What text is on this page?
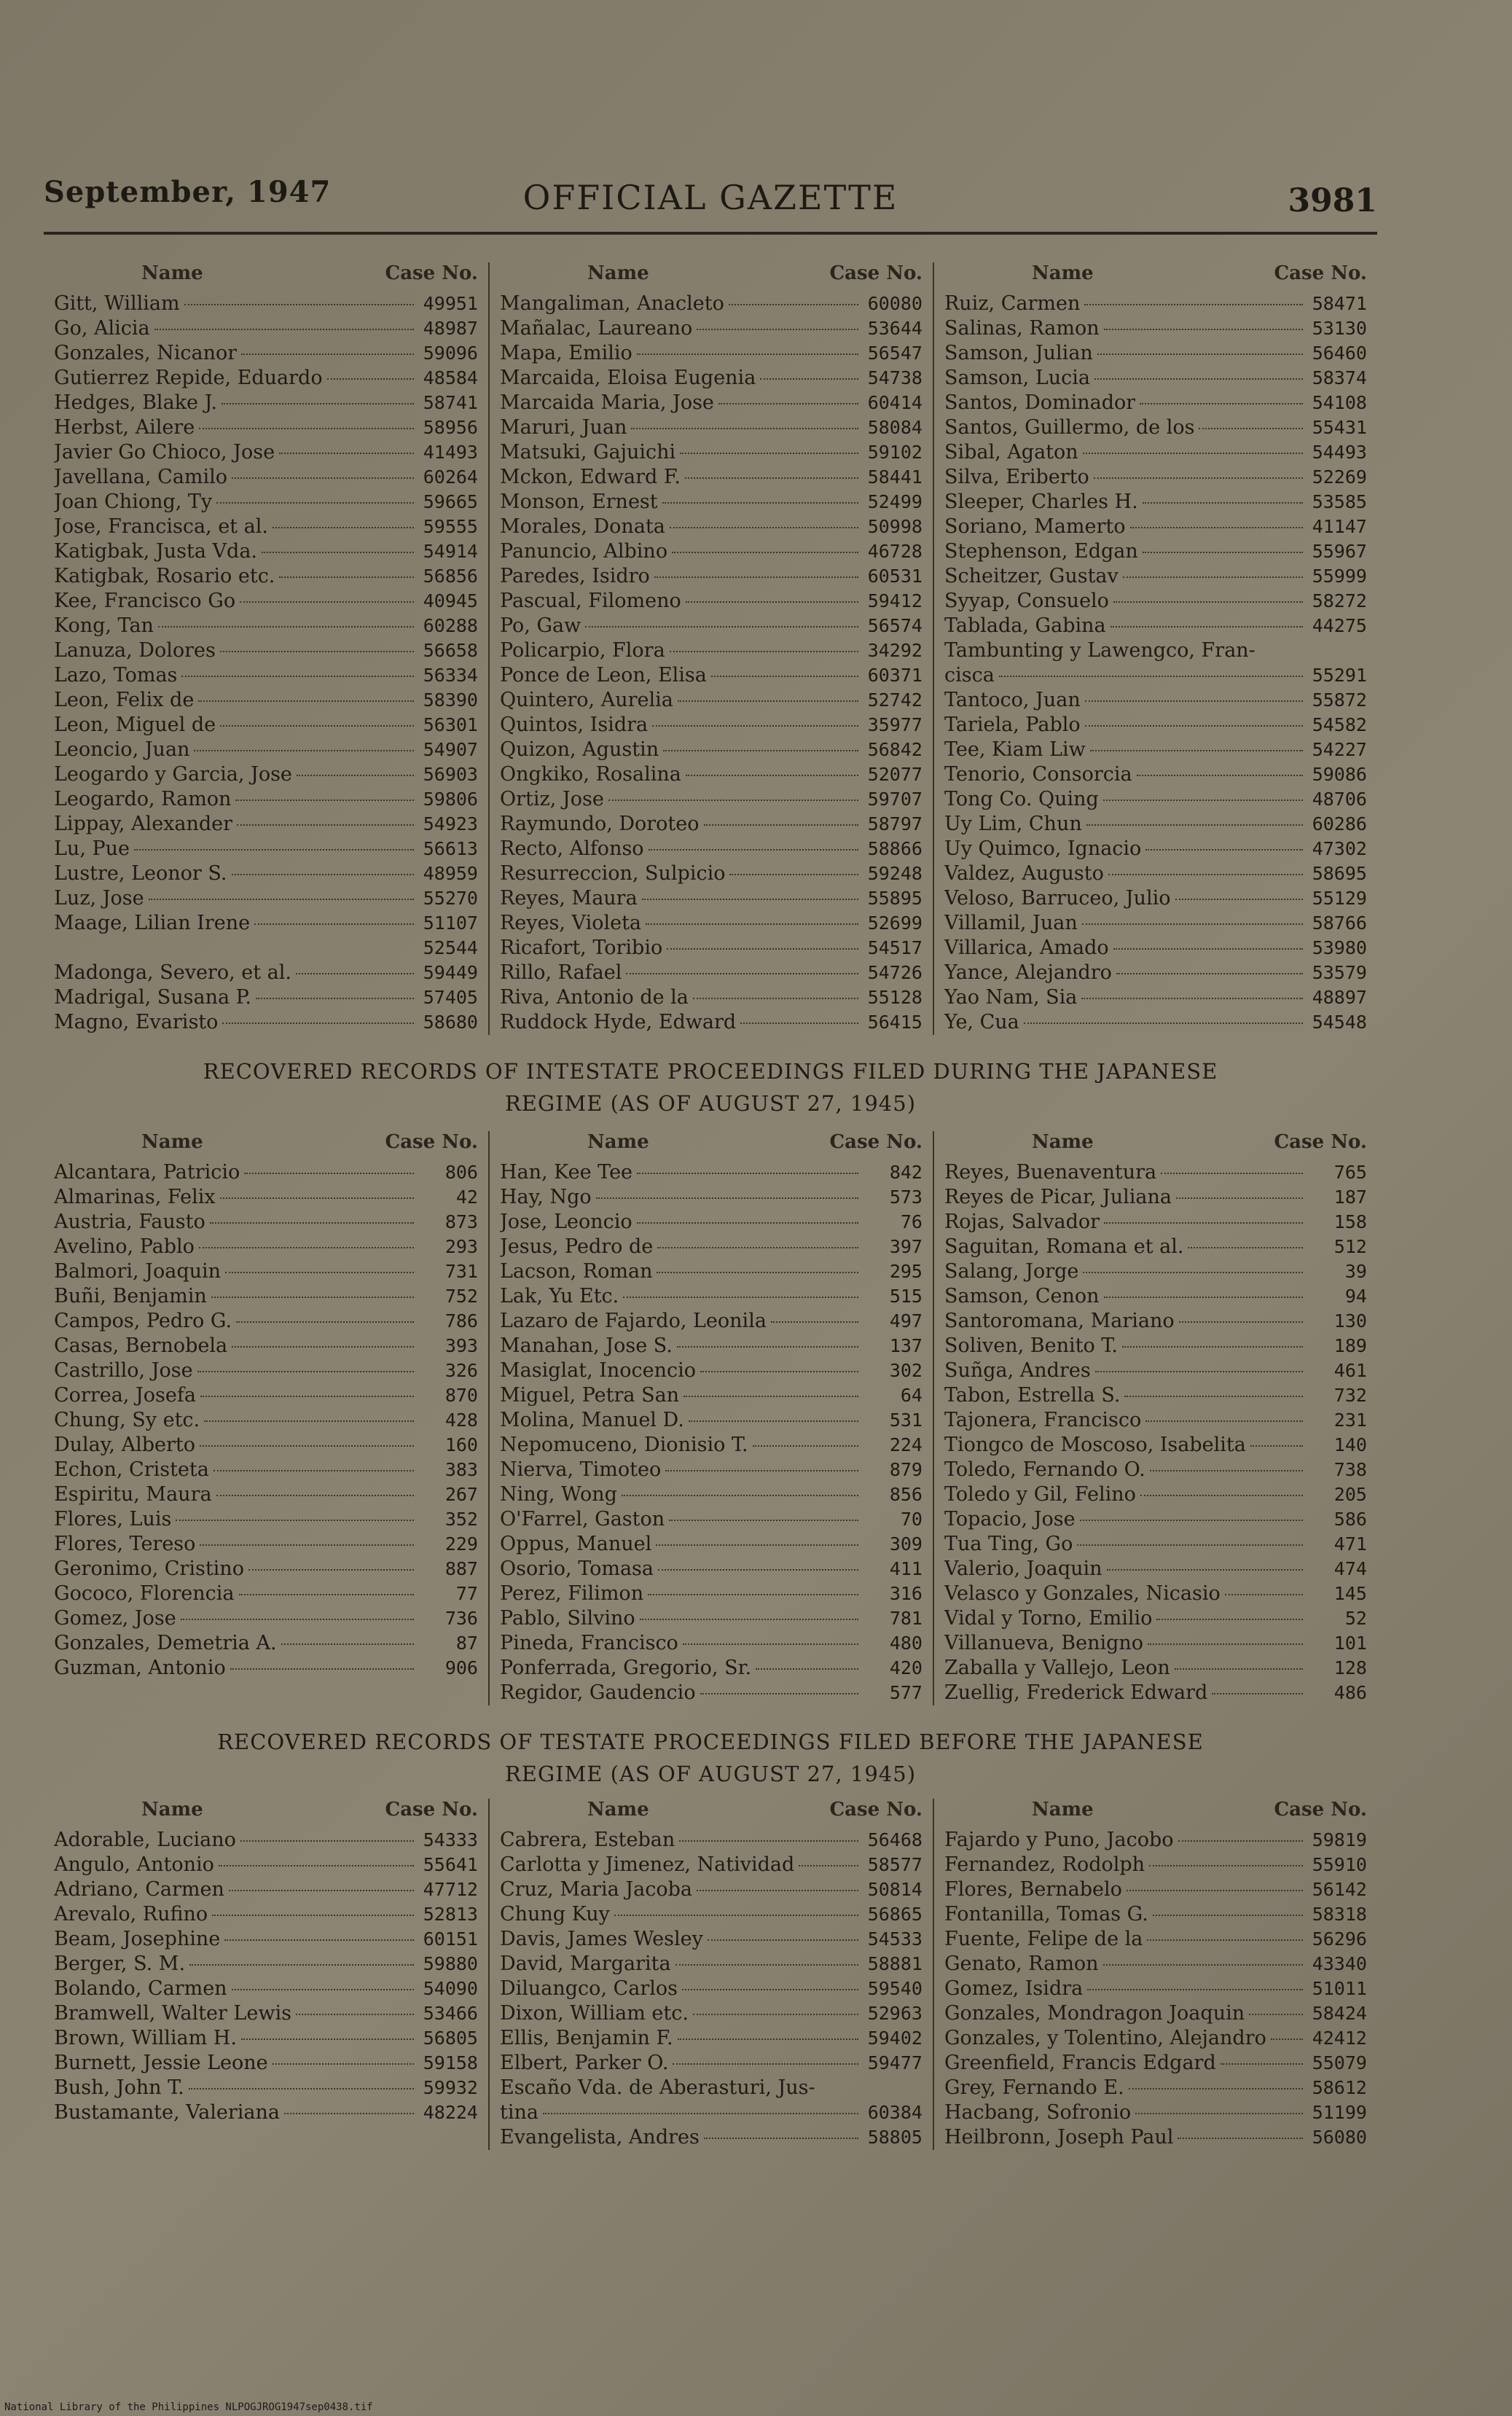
September, 1947	OFFICIAL GAZETTE	3981
Name	Case No.
Gitt, William	49951
Go, Alicia	48987
Gonzales, Nicanor	59096
Gutierrez Repide, Eduardo	48584
Hedges, Blake J.	58741
Herbst, Ailere	58956
Javier Go Chioco, Jose	41493
Javellana, Camilo	60264
Joan Chiong, Ty	59665
Jose, Francisca, et al.	59555
Katigbak, Justa Vda.	54914
Katigbak, Rosario etc.	56856
Kee, Francisco Go	40945
Kong, Tan	60288
Lanuza, Dolores	56658
Lazo, Tomas	56334
Leon, Felix de	58390
Leon, Miguel de	56301
Leoncio, Juan	54907
Leogardo y Garcia, Jose	56903
Leogardo, Ramon	59806
Lippay, Alexander	54923
Lu, Pue	56613
Lustre, Leonor S.	48959
Luz, Jose	55270
Maage, Lilian Irene	51107
52544
Madonga, Severo, et al.	59449
Madrigal, Susana P.	57405
Magno, Evaristo	58680
Name	Case No.
Mangaliman, Anacleto	60080
Mañalac, Laureano	53644
Mapa, Emilio	56547
Marcaida, Eloisa Eugenia	54738
Marcaida Maria, Jose	60414
Maruri, Juan	58084
Matsuki, Gajuichi	59102
Mckon, Edward F.	58441
Monson, Ernest	52499
Morales, Donata	50998
Panuncio, Albino	46728
Paredes, Isidro	60531
Pascual, Filomeno	59412
Po, Gaw	56574
Policarpio, Flora	34292
Ponce de Leon, Elisa	60371
Quintero, Aurelia	52742
Quintos, Isidra	35977
Quizon, Agustin	56842
Ongkiko, Rosalina	52077
Ortiz, Jose	59707
Raymundo, Doroteo	58797
Recto, Alfonso	58866
Resurreccion, Sulpicio	59248
Reyes, Maura	55895
Reyes, Violeta	52699
Ricafort, Toribio	54517
Rillo, Rafael	54726
Riva, Antonio de la	55128
Ruddock Hyde, Edward	56415
Name	Case No.
Ruiz, Carmen	58471
Salinas, Ramon	53130
Samson, Julian	56460
Samson, Lucia	58374
Santos, Dominador	54108
Santos, Guillermo, de los	55431
Sibal, Agaton	54493
Silva, Eriberto	52269
Sleeper, Charles H.	53585
Soriano, Mamerto	41147
Stephenson, Edgan	55967
Scheitzer, Gustav	55999
Syyap, Consuelo	58272
Tablada, Gabina	44275
Tambunting y Lawengco, Fran-
cisca	55291
Tantoco, Juan	55872
Tariela, Pablo	54582
Tee, Kiam Liw	54227
Tenorio, Consorcia	59086
Tong Co. Quing	48706
Uy Lim, Chun	60286
Uy Quimco, Ignacio	47302
Valdez, Augusto	58695
Veloso, Barruceo, Julio	55129
Villamil, Juan	58766
Villarica, Amado	53980
Yance, Alejandro	53579
Yao Nam, Sia	48897
Ye, Cua	54548
RECOVERED RECORDS OF INTESTATE PROCEEDINGS FILED DURING THE JAPANESE
REGIME (AS OF AUGUST 27, 1945)
Name	Case No.
Alcantara, Patricio	806
Almarinas, Felix	42
Austria, Fausto	873
Avelino, Pablo	293
Balmori, Joaquin	731
Buñi, Benjamin	752
Campos, Pedro G.	786
Casas, Bernobela	393
Castrillo, Jose	326
Correa, Josefa	870
Chung, Sy etc.	428
Dulay, Alberto	160
Echon, Cristeta	383
Espiritu, Maura	267
Flores, Luis	352
Flores, Tereso	229
Geronimo, Cristino	887
Gococo, Florencia	77
Gomez, Jose	736
Gonzales, Demetria A.	87
Guzman, Antonio	906
Name	Case No.
Han, Kee Tee	842
Hay, Ngo	573
Jose, Leoncio	76
Jesus, Pedro de	397
Lacson, Roman	295
Lak, Yu Etc.	515
Lazaro de Fajardo, Leonila	497
Manahan, Jose S.	137
Masiglat, Inocencio	302
Miguel, Petra San	64
Molina, Manuel D.	531
Nepomuceno, Dionisio T.	224
Nierva, Timoteo	879
Ning, Wong	856
O'Farrel, Gaston	70
Oppus, Manuel	309
Osorio, Tomasa	411
Perez, Filimon	316
Pablo, Silvino	781
Pineda, Francisco	480
Ponferrada, Gregorio, Sr.	420
Regidor, Gaudencio	577
Name	Case No.
Reyes, Buenaventura	765
Reyes de Picar, Juliana	187
Rojas, Salvador	158
Saguitan, Romana et al.	512
Salang, Jorge	39
Samson, Cenon	94
Santoromana, Mariano	130
Soliven, Benito T.	189
Suñga, Andres	461
Tabon, Estrella S.	732
Tajonera, Francisco	231
Tiongco de Moscoso, Isabelita	140
Toledo, Fernando O.	738
Toledo y Gil, Felino	205
Topacio, Jose	586
Tua Ting, Go	471
Valerio, Joaquin	474
Velasco y Gonzales, Nicasio	145
Vidal y Torno, Emilio	52
Villanueva, Benigno	101
Zaballa y Vallejo, Leon	128
Zuellig, Frederick Edward	486
RECOVERED RECORDS OF TESTATE PROCEEDINGS FILED BEFORE THE JAPANESE
REGIME (AS OF AUGUST 27, 1945)
Name	Case No.
Adorable, Luciano	54333
Angulo, Antonio	55641
Adriano, Carmen	47712
Arevalo, Rufino	52813
Beam, Josephine	60151
Berger, S. M.	59880
Bolando, Carmen	54090
Bramwell, Walter Lewis	53466
Brown, William H.	56805
Burnett, Jessie Leone	59158
Bush, John T.	59932
Bustamante, Valeriana	48224
Name	Case No.
Cabrera, Esteban	56468
Carlotta y Jimenez, Natividad	58577
Cruz, Maria Jacoba	50814
Chung Kuy	56865
Davis, James Wesley	54533
David, Margarita	58881
Diluangco, Carlos	59540
Dixon, William etc.	52963
Ellis, Benjamin F.	59402
Elbert, Parker O.	59477
Escaño Vda. de Aberasturi, Jus-
tina	60384
Evangelista, Andres	58805
Name	Case No.
Fajardo y Puno, Jacobo	59819
Fernandez, Rodolph	55910
Flores, Bernabelo	56142
Fontanilla, Tomas G.	58318
Fuente, Felipe de la	56296
Genato, Ramon	43340
Gomez, Isidra	51011
Gonzales, Mondragon Joaquin	58424
Gonzales, y Tolentino, Alejandro	42412
Greenfield, Francis Edgard	55079
Grey, Fernando E.	58612
Hacbang, Sofronio	51199
Heilbronn, Joseph Paul	56080
National Library of the Philippines NLPOGJROG1947sep0438.tif
